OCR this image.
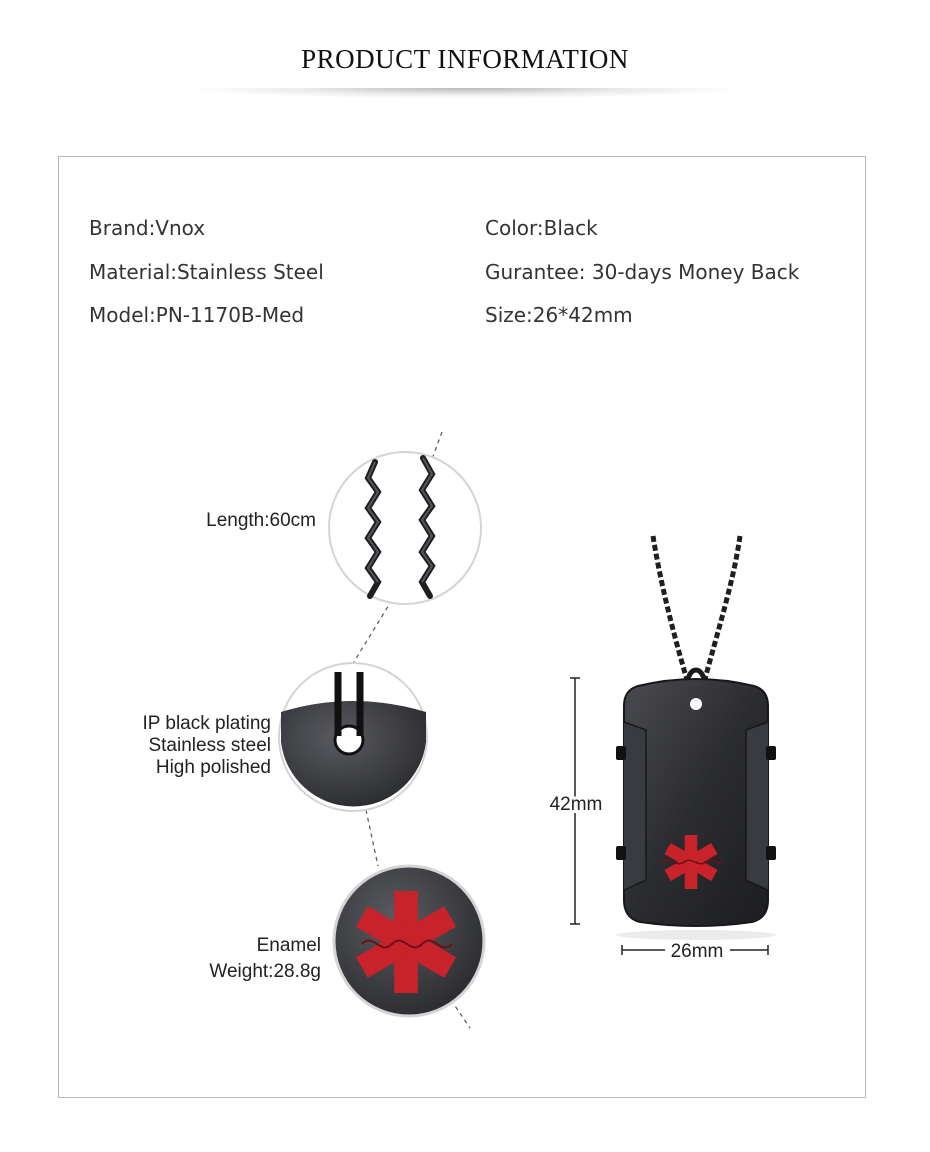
PRODUCT INFORMATION
Brand:Vnox
Material:Stainless Steel
Model:PN-1170B-Med
Color:Black
Gurantee: 30-days Money Back
Size:26*42mm
Length:60cm
IP black plating
Stainless steel
High polished
Enamel
Weight:28.8g
42mm
26mm
